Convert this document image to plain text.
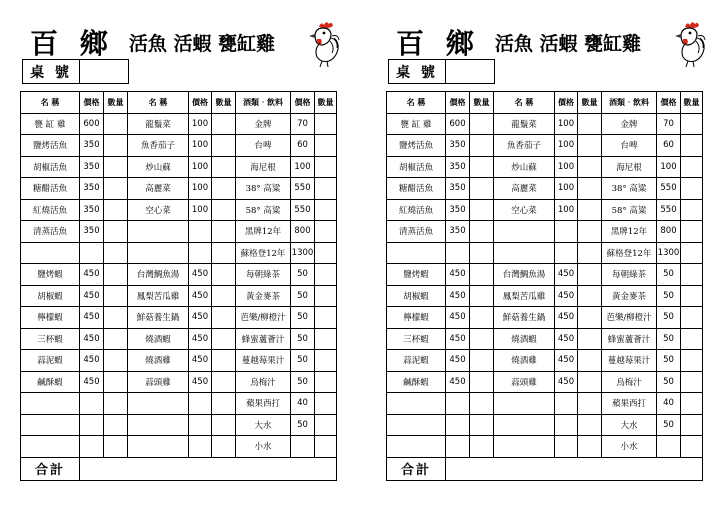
百 鄉 活魚 活蝦 甕缸雞
桌 號
名 稱	價格	數量	名 稱	價格	數量	酒類‧飲料	價格	數量
甕 缸 雞	600		龍鬚菜	100		金牌	70	
鹽烤活魚	350		魚香茄子	100		台啤	60	
胡椒活魚	350		炒山蘇	100		海尼根	100	
糖醋活魚	350		高麗菜	100		38° 高粱	550	
紅燒活魚	350		空心菜	100		58° 高粱	550	
清蒸活魚	350					黑牌12年	800	
						蘇格登12年	1300	
鹽烤蝦	450		台灣鯛魚湯	450		每朝綠茶	50	
胡椒蝦	450		鳳梨苦瓜雞	450		黃金麥茶	50	
檸檬蝦	450		鮮菇養生鍋	450		芭樂/柳橙汁	50	
三杯蝦	450		燒酒蝦	450		蜂蜜蘆薈汁	50	
蒜泥蝦	450		燒酒雞	450		蔓越莓果汁	50	
鹹酥蝦	450		蒜頭雞	450		烏梅汁	50	
						蘋果西打	40	
						大水	50	
						小水		
合計								
百 鄉 活魚 活蝦 甕缸雞
桌 號
名 稱	價格	數量	名 稱	價格	數量	酒類‧飲料	價格	數量
甕 缸 雞	600		龍鬚菜	100		金牌	70	
鹽烤活魚	350		魚香茄子	100		台啤	60	
胡椒活魚	350		炒山蘇	100		海尼根	100	
糖醋活魚	350		高麗菜	100		38° 高粱	550	
紅燒活魚	350		空心菜	100		58° 高粱	550	
清蒸活魚	350					黑牌12年	800	
						蘇格登12年	1300	
鹽烤蝦	450		台灣鯛魚湯	450		每朝綠茶	50	
胡椒蝦	450		鳳梨苦瓜雞	450		黃金麥茶	50	
檸檬蝦	450		鮮菇養生鍋	450		芭樂/柳橙汁	50	
三杯蝦	450		燒酒蝦	450		蜂蜜蘆薈汁	50	
蒜泥蝦	450		燒酒雞	450		蔓越莓果汁	50	
鹹酥蝦	450		蒜頭雞	450		烏梅汁	50	
						蘋果西打	40	
						大水	50	
						小水		
合計								
